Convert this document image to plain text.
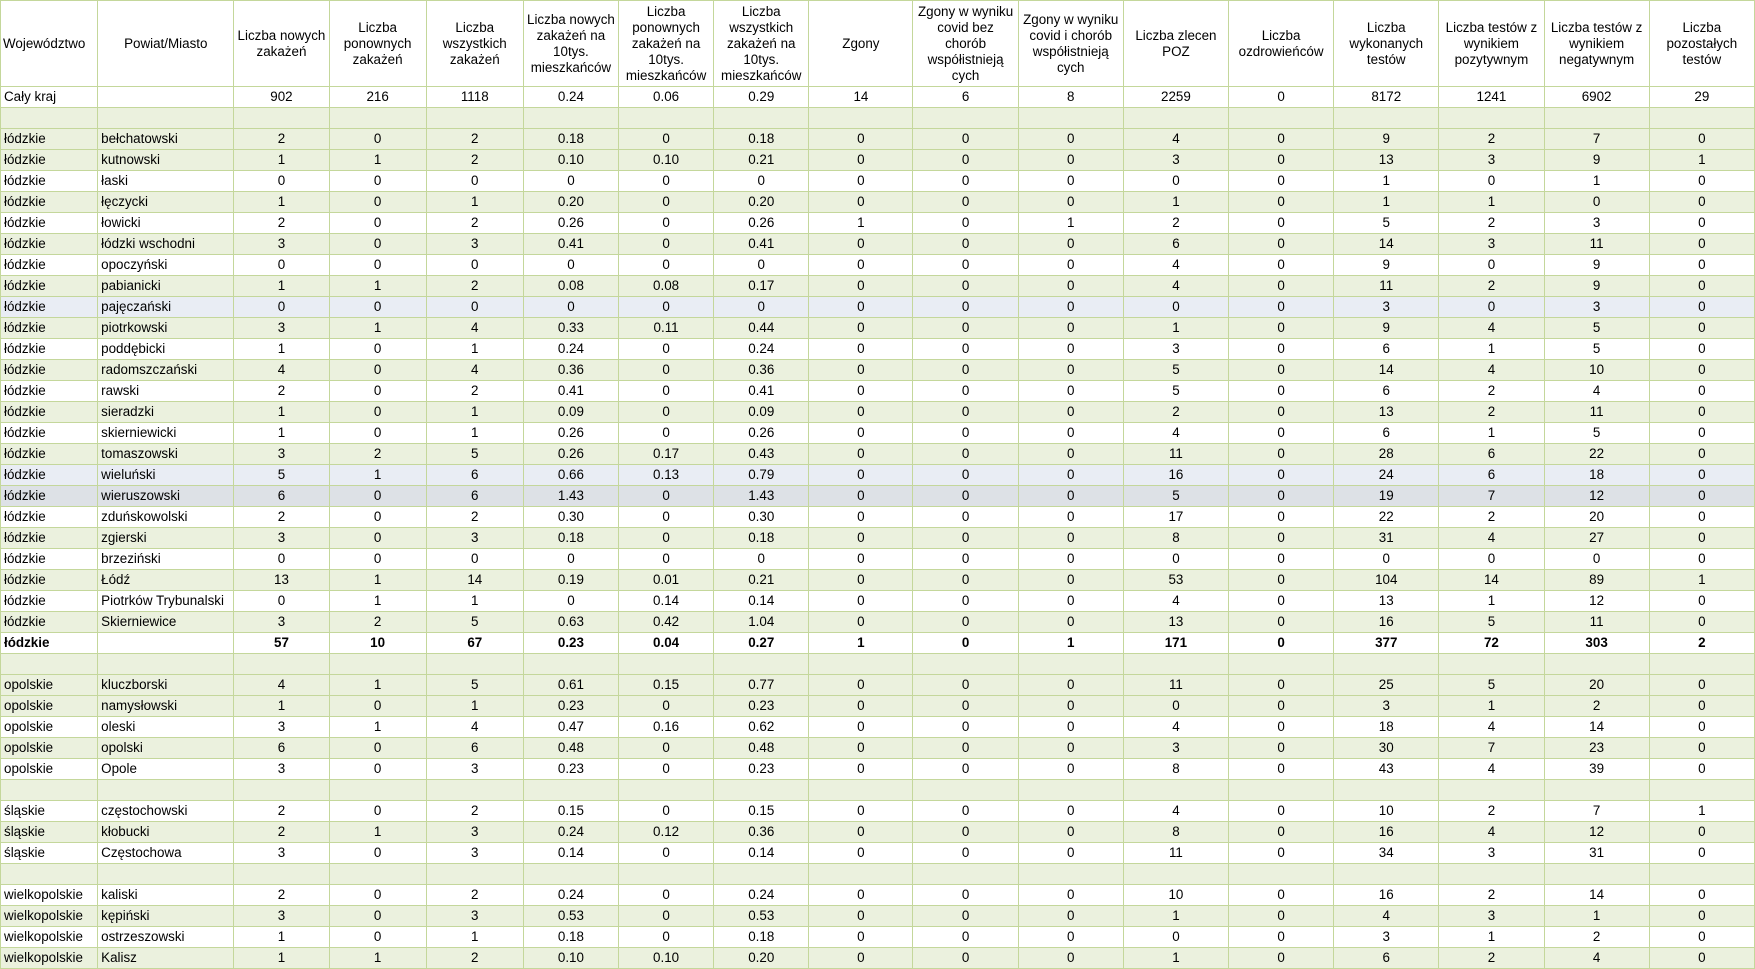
Województwo	Powiat/Miasto	Liczba nowych zakażeń	Liczba ponownych zakażeń	Liczba wszystkich zakażeń	Liczba nowych zakażeń na 10tys. mieszkańców	Liczba ponownych zakażeń na 10tys. mieszkańców	Liczba wszystkich zakażeń na 10tys. mieszkańców	Zgony	Zgony w wyniku covid bez chorób współistnieją cych	Zgony w wyniku covid i chorób współistnieją cych	Liczba zlecen POZ	Liczba ozdrowieńców	Liczba wykonanych testów	Liczba testów z wynikiem pozytywnym	Liczba testów z wynikiem negatywnym	Liczba pozostałych testów
Cały kraj		902	216	1118	0.24	0.06	0.29	14	6	8	2259	0	8172	1241	6902	29

łódzkie	bełchatowski	2	0	2	0.18	0	0.18	0	0	0	4	0	9	2	7	0
łódzkie	kutnowski	1	1	2	0.10	0.10	0.21	0	0	0	3	0	13	3	9	1
łódzkie	łaski	0	0	0	0	0	0	0	0	0	0	0	1	0	1	0
łódzkie	łęczycki	1	0	1	0.20	0	0.20	0	0	0	1	0	1	1	0	0
łódzkie	łowicki	2	0	2	0.26	0	0.26	1	0	1	2	0	5	2	3	0
łódzkie	łódzki wschodni	3	0	3	0.41	0	0.41	0	0	0	6	0	14	3	11	0
łódzkie	opoczyński	0	0	0	0	0	0	0	0	0	4	0	9	0	9	0
łódzkie	pabianicki	1	1	2	0.08	0.08	0.17	0	0	0	4	0	11	2	9	0
łódzkie	pajęczański	0	0	0	0	0	0	0	0	0	0	0	3	0	3	0
łódzkie	piotrkowski	3	1	4	0.33	0.11	0.44	0	0	0	1	0	9	4	5	0
łódzkie	poddębicki	1	0	1	0.24	0	0.24	0	0	0	3	0	6	1	5	0
łódzkie	radomszczański	4	0	4	0.36	0	0.36	0	0	0	5	0	14	4	10	0
łódzkie	rawski	2	0	2	0.41	0	0.41	0	0	0	5	0	6	2	4	0
łódzkie	sieradzki	1	0	1	0.09	0	0.09	0	0	0	2	0	13	2	11	0
łódzkie	skierniewicki	1	0	1	0.26	0	0.26	0	0	0	4	0	6	1	5	0
łódzkie	tomaszowski	3	2	5	0.26	0.17	0.43	0	0	0	11	0	28	6	22	0
łódzkie	wieluński	5	1	6	0.66	0.13	0.79	0	0	0	16	0	24	6	18	0
łódzkie	wieruszowski	6	0	6	1.43	0	1.43	0	0	0	5	0	19	7	12	0
łódzkie	zduńskowolski	2	0	2	0.30	0	0.30	0	0	0	17	0	22	2	20	0
łódzkie	zgierski	3	0	3	0.18	0	0.18	0	0	0	8	0	31	4	27	0
łódzkie	brzeziński	0	0	0	0	0	0	0	0	0	0	0	0	0	0	0
łódzkie	Łódź	13	1	14	0.19	0.01	0.21	0	0	0	53	0	104	14	89	1
łódzkie	Piotrków Trybunalski	0	1	1	0	0.14	0.14	0	0	0	4	0	13	1	12	0
łódzkie	Skierniewice	3	2	5	0.63	0.42	1.04	0	0	0	13	0	16	5	11	0
łódzkie		57	10	67	0.23	0.04	0.27	1	0	1	171	0	377	72	303	2

opolskie	kluczborski	4	1	5	0.61	0.15	0.77	0	0	0	11	0	25	5	20	0
opolskie	namysłowski	1	0	1	0.23	0	0.23	0	0	0	0	0	3	1	2	0
opolskie	oleski	3	1	4	0.47	0.16	0.62	0	0	0	4	0	18	4	14	0
opolskie	opolski	6	0	6	0.48	0	0.48	0	0	0	3	0	30	7	23	0
opolskie	Opole	3	0	3	0.23	0	0.23	0	0	0	8	0	43	4	39	0

śląskie	częstochowski	2	0	2	0.15	0	0.15	0	0	0	4	0	10	2	7	1
śląskie	kłobucki	2	1	3	0.24	0.12	0.36	0	0	0	8	0	16	4	12	0
śląskie	Częstochowa	3	0	3	0.14	0	0.14	0	0	0	11	0	34	3	31	0

wielkopolskie	kaliski	2	0	2	0.24	0	0.24	0	0	0	10	0	16	2	14	0
wielkopolskie	kępiński	3	0	3	0.53	0	0.53	0	0	0	1	0	4	3	1	0
wielkopolskie	ostrzeszowski	1	0	1	0.18	0	0.18	0	0	0	0	0	3	1	2	0
wielkopolskie	Kalisz	1	1	2	0.10	0.10	0.20	0	0	0	1	0	6	2	4	0
